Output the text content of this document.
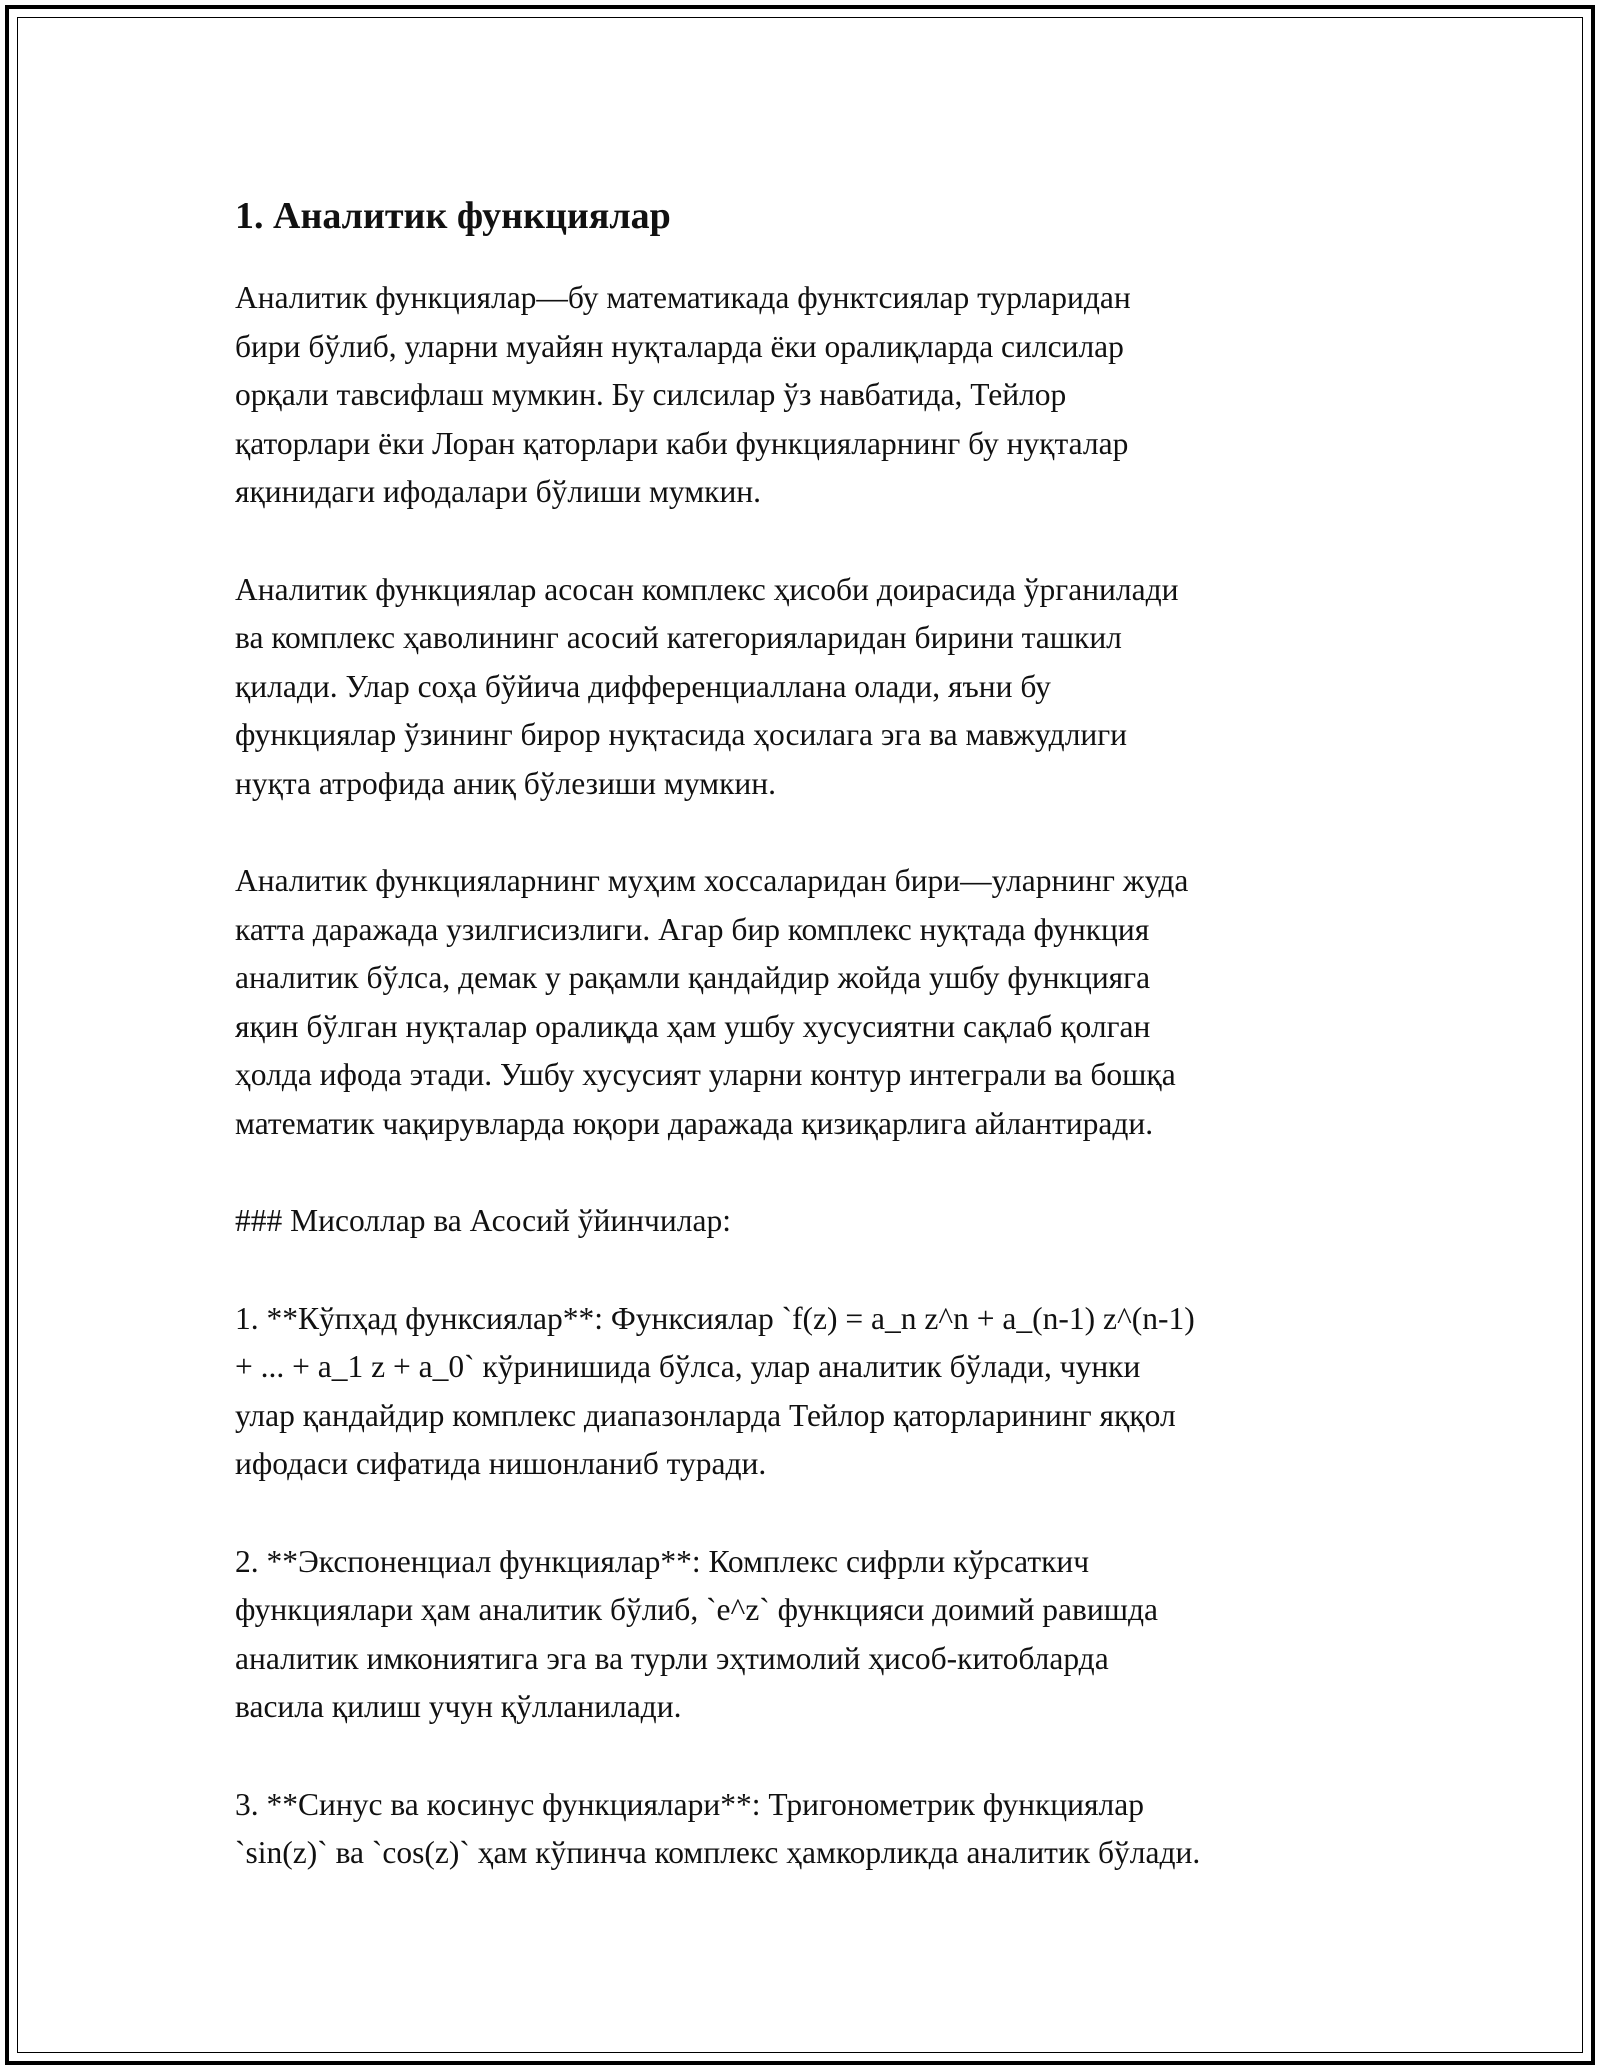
1. Аналитик функциялар

Аналитик функциялар—бу математикада функтсиялар турларидан
бири бўлиб, уларни муайян нуқталарда ёки оралиқларда силсилар
орқали тавсифлаш мумкин. Бу силсилар ўз навбатида, Тейлор
қаторлари ёки Лоран қаторлари каби функцияларнинг бу нуқталар
яқинидаги ифодалари бўлиши мумкин.

Аналитик функциялар асосан комплекс ҳисоби доирасида ўрганилади
ва комплекс ҳаволининг асосий категорияларидан бирини ташкил
қилади. Улар соҳа бўйича дифференциаллана олади, яъни бу
функциялар ўзининг бирор нуқтасида ҳосилага эга ва мавжудлиги
нуқта атрофида аниқ бўлезиши мумкин.

Аналитик функцияларнинг муҳим хоссаларидан бири—уларнинг жуда
катта даражада узилгисизлиги. Агар бир комплекс нуқтада функция
аналитик бўлса, демак у рақамли қандайдир жойда ушбу функцияга
яқин бўлган нуқталар оралиқда ҳам ушбу хусусиятни сақлаб қолган
ҳолда ифода этади. Ушбу хусусият уларни контур интеграли ва бошқа
математик чақирувларда юқори даражада қизиқарлига айлантиради.

### Мисоллар ва Асосий ўйинчилар:

1. **Кўпҳад функсиялар**: Функсиялар `f(z) = a_n z^n + a_(n-1) z^(n-1)
+ ... + a_1 z + a_0` кўринишида бўлса, улар аналитик бўлади, чунки
улар қандайдир комплекс диапазонларда Тейлор қаторларининг яққол
ифодаси сифатида нишонланиб туради.

2. **Экспоненциал функциялар**: Комплекс сифрли кўрсаткич
функциялари ҳам аналитик бўлиб, `e^z` функцияси доимий равишда
аналитик имкониятига эга ва турли эҳтимолий ҳисоб-китобларда
васила қилиш учун қўлланилади.

3. **Синус ва косинус функциялари**: Тригонометрик функциялар
`sin(z)` ва `cos(z)` ҳам кўпинча комплекс ҳамкорликда аналитик бўлади.
